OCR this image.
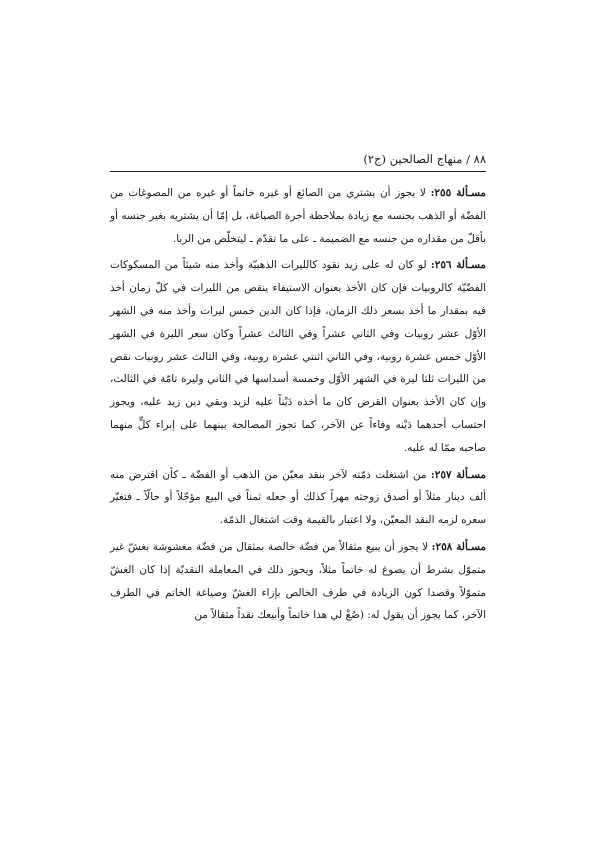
٨٨ / منهاج الصالحين (ج٢)

مسـألة ٢٥٥: لا يجوز أن يشتري من الصائغ أو غيره خاتماً أو غيره من المصوغات من الفضّة أو الذهب بجنسه مع زيادة بملاحظة أجرة الصياغة، بل إمّا أن يشتريه بغير جنسه أو بأقلّ من مقداره من جنسه مع الضميمة ـ على ما تقدّم ـ ليتخلّص من الربا.

مسـألة ٢٥٦: لو كان له على زيد نقود كالليرات الذهبيّة وأخذ منه شيئاً من المسكوكات الفضّيّة كالروبيات فإن كان الأخذ بعنوان الاستيفاء ينقص من الليرات في كلّ زمان أخذ فيه بمقدار ما أخذ بسعر ذلك الزمان، فإذا كان الدين خمس ليرات وأخذ منه في الشهر الأوّل عشر روبيات وفي الثاني عشراً وفي الثالث عشراً وكان سعر الليرة في الشهر الأوّل خمس عشرة روبية، وفي الثاني اثنتي عشرة روبية، وفي الثالث عشر روبيات نقص من الليرات ثلثا ليرة في الشهر الأوّل وخمسة أسداسها في الثاني وليرة تامّة في الثالث، وإن كان الأخذ بعنوان القرض كان ما أخذه دَيْناً عليه لزيد وبقي دين زيد عليه، ويجوز احتساب أحدهما دَيْنه وفاءاً عن الآخر، كما تجوز المصالحة بينهما على إبراء كلٍّ منهما صاحبه ممّا له عليه.

مسـألة ٢٥٧: من اشتغلت ذمّته لآخر بنقد معيّن من الذهب أو الفضّة ـ كأن اقترض منه ألف دينار مثلاً أو أصدق زوجته مهراً كذلك أو جعله ثمناً في البيع مؤجّلاً أو حالّاً ـ فتغيّر سعره لزمه النقد المعيّن، ولا اعتبار بالقيمة وقت اشتغال الذمّة.

مسـألة ٢٥٨: لا يجوز أن يبيع مثقالاً من فضّة خالصة بمثقال من فضّة مغشوشة بغشّ غير متموّل بشرط أن يصوغ له خاتماً مثلاً، ويجوز ذلك في المعاملة النقديّة إذا كان الغشّ متموّلاً وقصدا كون الزيادة في طرف الخالص بإزاء الغشّ وصياغة الخاتم في الطرف الآخر، كما يجوز أن يقول له: (صُغْ لي هذا خاتماً وأبيعك نقداً مثقالاً من
